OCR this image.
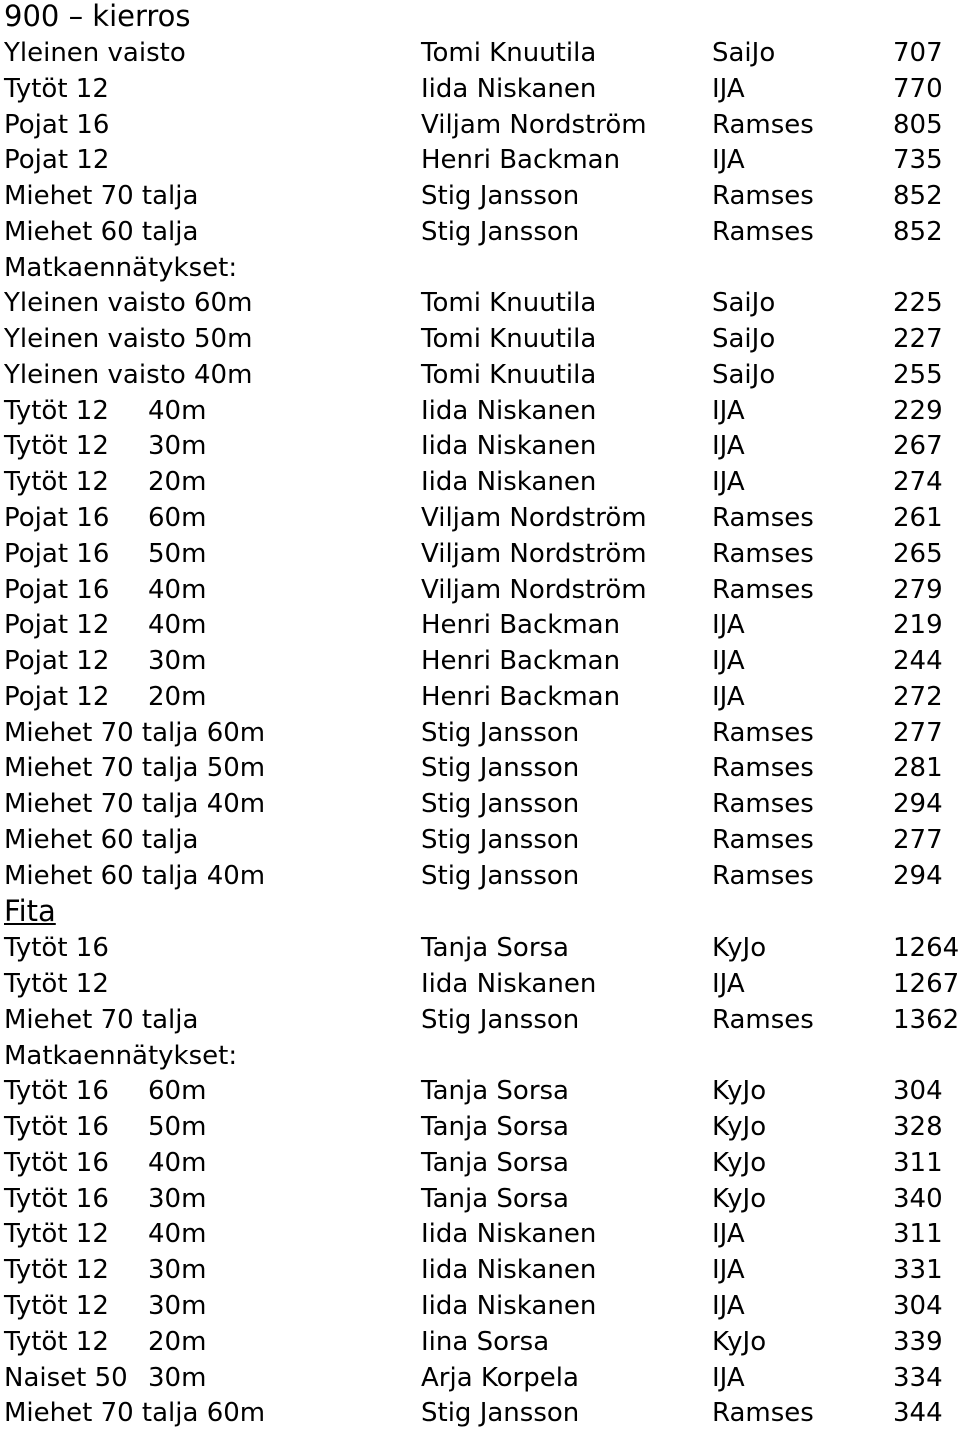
900 – kierros
Yleinen vaisto	Tomi Knuutila	SaiJo	707
Tytöt 12	Iida Niskanen	IJA	770
Pojat 16	Viljam Nordström	Ramses	805
Pojat 12	Henri Backman	IJA	735
Miehet 70 talja	Stig Jansson	Ramses	852
Miehet 60 talja	Stig Jansson	Ramses	852
Matkaennätykset:
Yleinen vaisto 60m	Tomi Knuutila	SaiJo	225
Yleinen vaisto 50m	Tomi Knuutila	SaiJo	227
Yleinen vaisto 40m	Tomi Knuutila	SaiJo	255
Tytöt 12 40m	Iida Niskanen	IJA	229
Tytöt 12 30m	Iida Niskanen	IJA	267
Tytöt 12 20m	Iida Niskanen	IJA	274
Pojat 16 60m	Viljam Nordström	Ramses	261
Pojat 16 50m	Viljam Nordström	Ramses	265
Pojat 16 40m	Viljam Nordström	Ramses	279
Pojat 12 40m	Henri Backman	IJA	219
Pojat 12 30m	Henri Backman	IJA	244
Pojat 12 20m	Henri Backman	IJA	272
Miehet 70 talja 60m	Stig Jansson	Ramses	277
Miehet 70 talja 50m	Stig Jansson	Ramses	281
Miehet 70 talja 40m	Stig Jansson	Ramses	294
Miehet 60 talja	Stig Jansson	Ramses	277
Miehet 60 talja 40m	Stig Jansson	Ramses	294
Fita
Tytöt 16	Tanja Sorsa	KyJo	1264
Tytöt 12	Iida Niskanen	IJA	1267
Miehet 70 talja	Stig Jansson	Ramses	1362
Matkaennätykset:
Tytöt 16 60m	Tanja Sorsa	KyJo	304
Tytöt 16 50m	Tanja Sorsa	KyJo	328
Tytöt 16 40m	Tanja Sorsa	KyJo	311
Tytöt 16 30m	Tanja Sorsa	KyJo	340
Tytöt 12 40m	Iida Niskanen	IJA	311
Tytöt 12 30m	Iida Niskanen	IJA	331
Tytöt 12 30m	Iida Niskanen	IJA	304
Tytöt 12 20m	Iina Sorsa	KyJo	339
Naiset 50 30m	Arja Korpela	IJA	334
Miehet 70 talja 60m	Stig Jansson	Ramses	344
